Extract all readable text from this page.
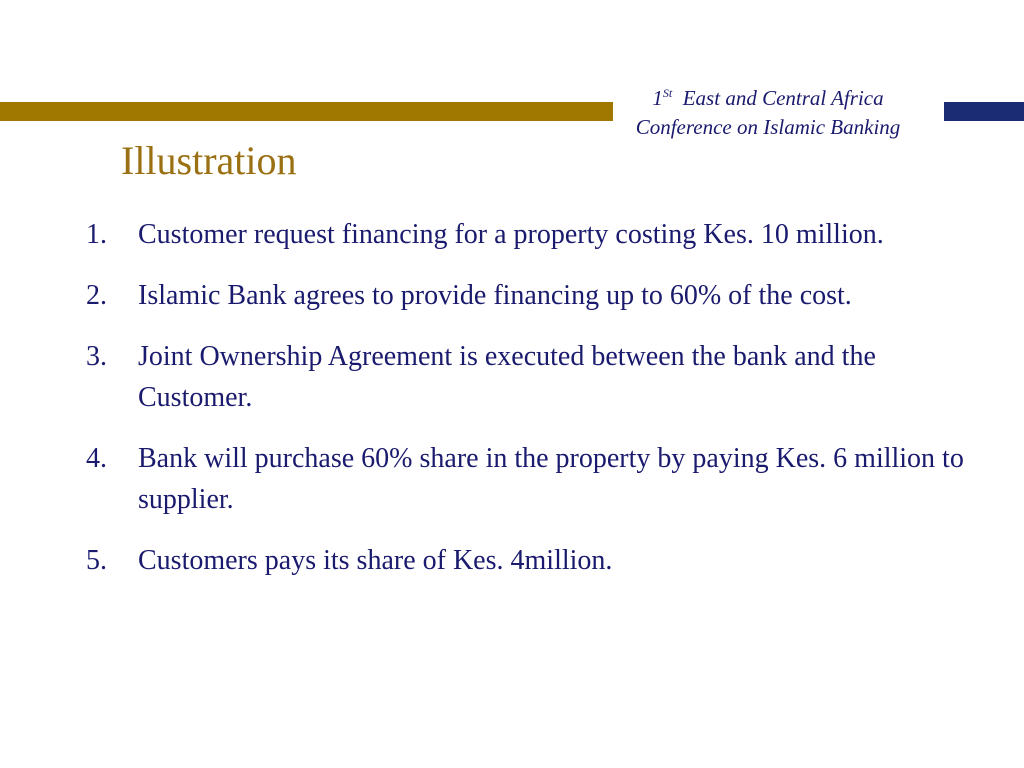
1St East and Central Africa
Conference on Islamic Banking
Illustration
1. Customer request financing for a property costing Kes. 10 million.
2. Islamic Bank agrees to provide financing up to 60% of the cost.
3. Joint Ownership Agreement is executed between the bank and the Customer.
4. Bank will purchase 60% share in the property by paying Kes. 6 million to supplier.
5. Customers pays its share of Kes. 4million.
